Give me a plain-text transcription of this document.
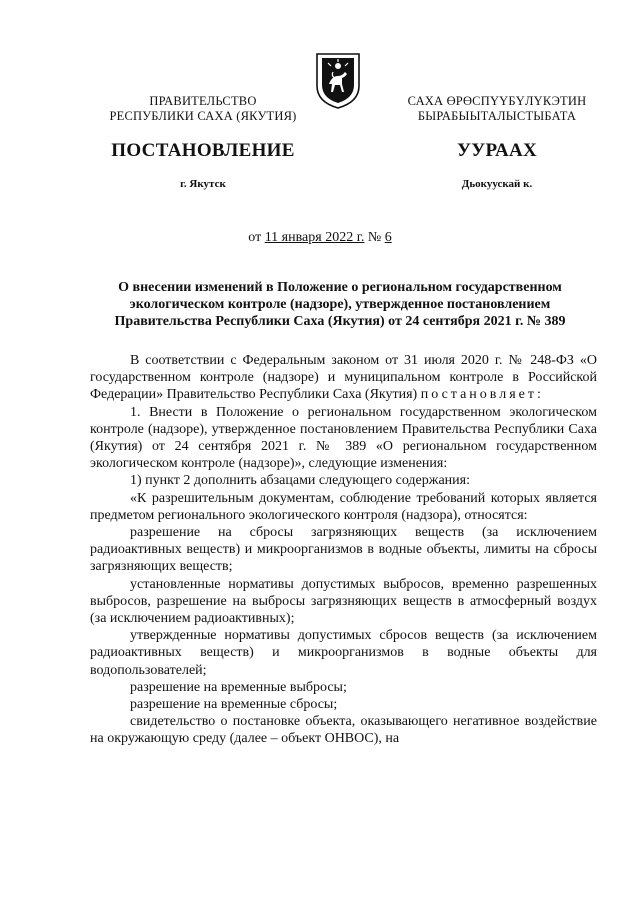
ПРАВИТЕЛЬСТВО
РЕСПУБЛИКИ САХА (ЯКУТИЯ)
САХА ӨРӨСПҮҮБҮЛҮКЭТИН
БЫРАБЫЫТАЛЫСТЫБАТА
ПОСТАНОВЛЕНИЕ	УУРААХ
г. Якутск	Дьокуускай к.
от 11 января 2022 г. № 6
О внесении изменений в Положение о региональном государственном
экологическом контроле (надзоре), утвержденное постановлением
Правительства Республики Саха (Якутия) от 24 сентября 2021 г. № 389

В соответствии с Федеральным законом от 31 июля 2020 г. № 248-ФЗ «О государственном контроле (надзоре) и муниципальном контроле в Российской Федерации» Правительство Республики Саха (Якутия) постановляет:

1. Внести в Положение о региональном государственном экологическом контроле (надзоре), утвержденное постановлением Правительства Республики Саха (Якутия) от 24 сентября 2021 г. № 389 «О региональном государственном экологическом контроле (надзоре)», следующие изменения:

1) пункт 2 дополнить абзацами следующего содержания:

«К разрешительным документам, соблюдение требований которых является предметом регионального экологического контроля (надзора), относятся:

разрешение на сбросы загрязняющих веществ (за исключением радиоактивных веществ) и микроорганизмов в водные объекты, лимиты на сбросы загрязняющих веществ;

установленные нормативы допустимых выбросов, временно разрешенных выбросов, разрешение на выбросы загрязняющих веществ в атмосферный воздух (за исключением радиоактивных);

утвержденные нормативы допустимых сбросов веществ (за исключением радиоактивных веществ) и микроорганизмов в водные объекты для водопользователей;

разрешение на временные выбросы;

разрешение на временные сбросы;

свидетельство о постановке объекта, оказывающего негативное воздействие на окружающую среду (далее – объект ОНВОС), на
